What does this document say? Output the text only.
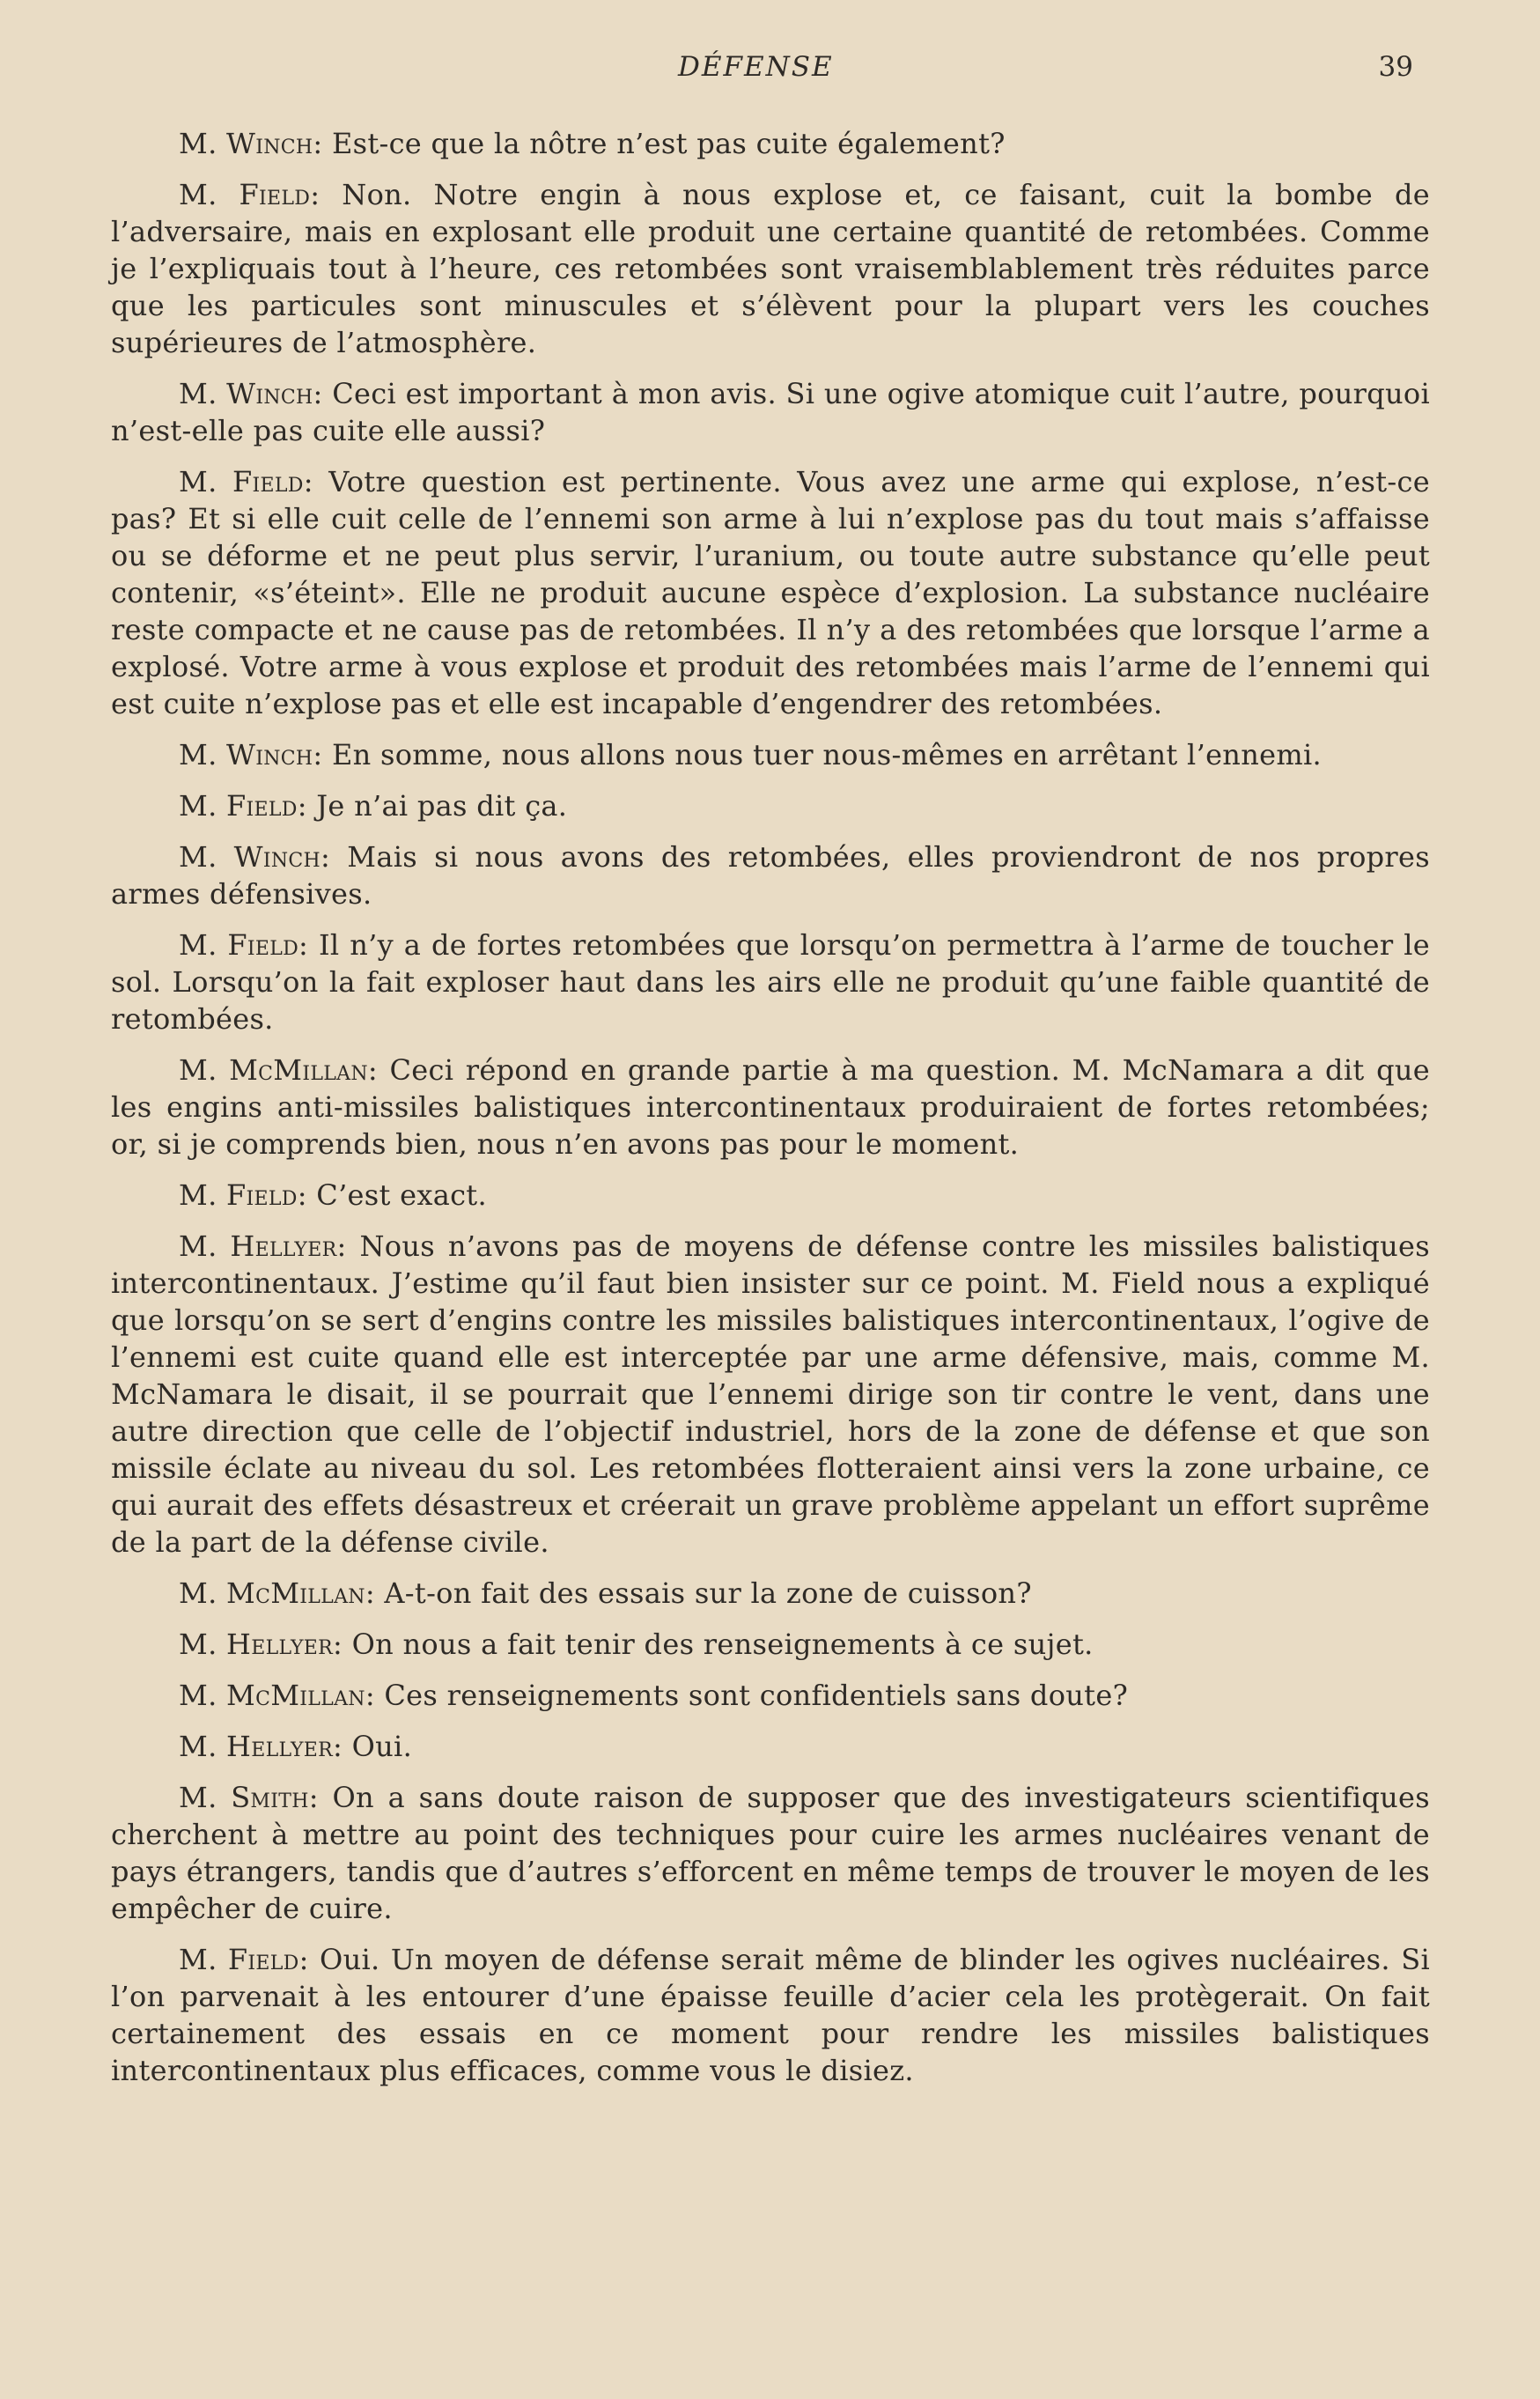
DÉFENSE	39

M. Winch: Est-ce que la nôtre n’est pas cuite également?

M. Field: Non. Notre engin à nous explose et, ce faisant, cuit la bombe de l’adversaire, mais en explosant elle produit une certaine quantité de retombées. Comme je l’expliquais tout à l’heure, ces retombées sont vraisemblablement très réduites parce que les particules sont minuscules et s’élèvent pour la plupart vers les couches supérieures de l’atmosphère.

M. Winch: Ceci est important à mon avis. Si une ogive atomique cuit l’autre, pourquoi n’est-elle pas cuite elle aussi?

M. Field: Votre question est pertinente. Vous avez une arme qui explose, n’est-ce pas? Et si elle cuit celle de l’ennemi son arme à lui n’explose pas du tout mais s’affaisse ou se déforme et ne peut plus servir, l’uranium, ou toute autre substance qu’elle peut contenir, «s’éteint». Elle ne produit aucune espèce d’explosion. La substance nucléaire reste compacte et ne cause pas de retombées. Il n’y a des retombées que lorsque l’arme a explosé. Votre arme à vous explose et produit des retombées mais l’arme de l’ennemi qui est cuite n’explose pas et elle est incapable d’engendrer des retombées.

M. Winch: En somme, nous allons nous tuer nous-mêmes en arrêtant l’ennemi.

M. Field: Je n’ai pas dit ça.

M. Winch: Mais si nous avons des retombées, elles proviendront de nos propres armes défensives.

M. Field: Il n’y a de fortes retombées que lorsqu’on permettra à l’arme de toucher le sol. Lorsqu’on la fait exploser haut dans les airs elle ne produit qu’une faible quantité de retombées.

M. McMillan: Ceci répond en grande partie à ma question. M. McNamara a dit que les engins anti-missiles balistiques intercontinentaux produiraient de fortes retombées; or, si je comprends bien, nous n’en avons pas pour le moment.

M. Field: C’est exact.

M. Hellyer: Nous n’avons pas de moyens de défense contre les missiles balistiques intercontinentaux. J’estime qu’il faut bien insister sur ce point. M. Field nous a expliqué que lorsqu’on se sert d’engins contre les missiles balistiques intercontinentaux, l’ogive de l’ennemi est cuite quand elle est interceptée par une arme défensive, mais, comme M. McNamara le disait, il se pourrait que l’ennemi dirige son tir contre le vent, dans une autre direction que celle de l’objectif industriel, hors de la zone de défense et que son missile éclate au niveau du sol. Les retombées flotteraient ainsi vers la zone urbaine, ce qui aurait des effets désastreux et créerait un grave problème appelant un effort suprême de la part de la défense civile.

M. McMillan: A-t-on fait des essais sur la zone de cuisson?

M. Hellyer: On nous a fait tenir des renseignements à ce sujet.

M. McMillan: Ces renseignements sont confidentiels sans doute?

M. Hellyer: Oui.

M. Smith: On a sans doute raison de supposer que des investigateurs scientifiques cherchent à mettre au point des techniques pour cuire les armes nucléaires venant de pays étrangers, tandis que d’autres s’efforcent en même temps de trouver le moyen de les empêcher de cuire.

M. Field: Oui. Un moyen de défense serait même de blinder les ogives nucléaires. Si l’on parvenait à les entourer d’une épaisse feuille d’acier cela les protègerait. On fait certainement des essais en ce moment pour rendre les missiles balistiques intercontinentaux plus efficaces, comme vous le disiez.
